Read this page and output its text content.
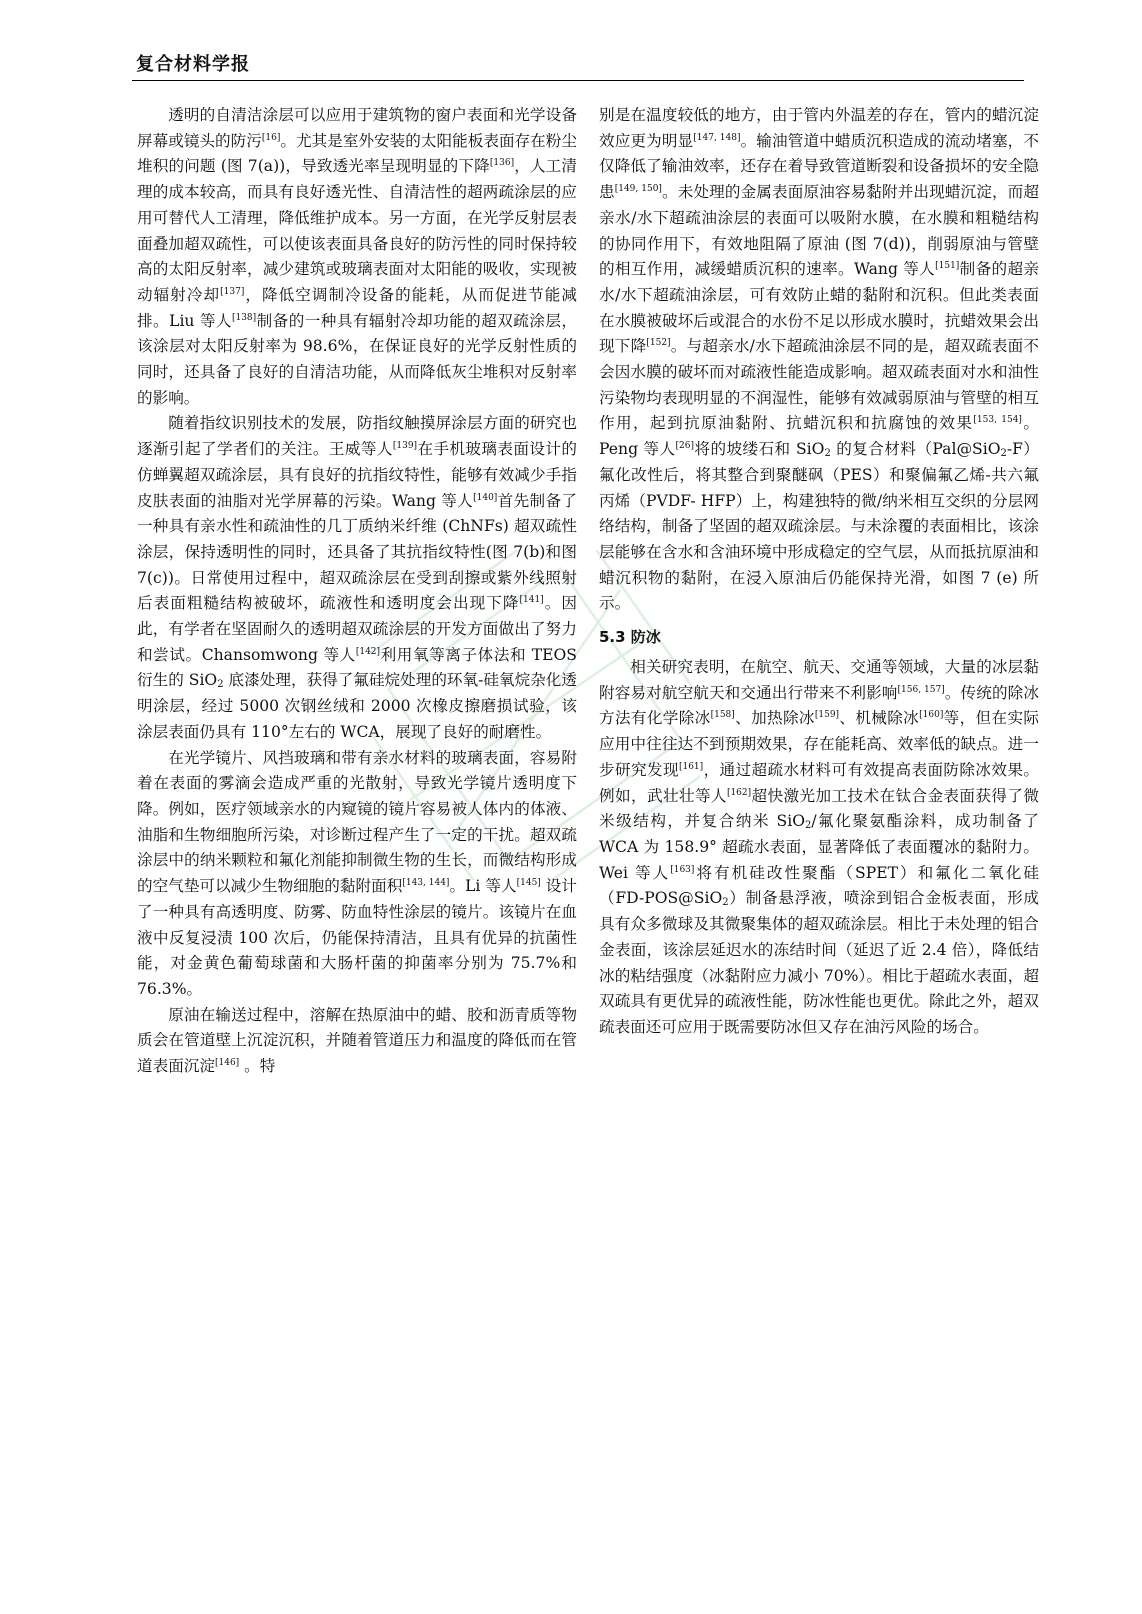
复合材料学报

透明的自清洁涂层可以应用于建筑物的窗户表面和光学设备屏幕或镜头的防污[16]。尤其是室外安装的太阳能板表面存在粉尘堆积的问题 (图 7(a))，导致透光率呈现明显的下降[136]，人工清理的成本较高，而具有良好透光性、自清洁性的超两疏涂层的应用可替代人工清理，降低维护成本。另一方面，在光学反射层表面叠加超双疏性，可以使该表面具备良好的防污性的同时保持较高的太阳反射率，减少建筑或玻璃表面对太阳能的吸收，实现被动辐射冷却[137]，降低空调制冷设备的能耗，从而促进节能减排。Liu 等人[138]制备的一种具有辐射冷却功能的超双疏涂层，该涂层对太阳反射率为 98.6%，在保证良好的光学反射性质的同时，还具备了良好的自清洁功能，从而降低灰尘堆积对反射率的影响。

随着指纹识别技术的发展，防指纹触摸屏涂层方面的研究也逐渐引起了学者们的关注。王威等人[139]在手机玻璃表面设计的仿蝉翼超双疏涂层，具有良好的抗指纹特性，能够有效减少手指皮肤表面的油脂对光学屏幕的污染。Wang 等人[140]首先制备了一种具有亲水性和疏油性的几丁质纳米纤维 (ChNFs) 超双疏性涂层，保持透明性的同时，还具备了其抗指纹特性(图 7(b)和图 7(c))。日常使用过程中，超双疏涂层在受到刮擦或紫外线照射后表面粗糙结构被破坏，疏液性和透明度会出现下降[141]。因此，有学者在坚固耐久的透明超双疏涂层的开发方面做出了努力和尝试。Chansomwong 等人[142]利用氧等离子体法和 TEOS 衍生的 SiO$_2$ 底漆处理，获得了氟硅烷处理的环氧-硅氧烷杂化透明涂层，经过 5000 次钢丝绒和 2000 次橡皮擦磨损试验，该涂层表面仍具有 110°左右的 WCA，展现了良好的耐磨性。

在光学镜片、风挡玻璃和带有亲水材料的玻璃表面，容易附着在表面的雾滴会造成严重的光散射，导致光学镜片透明度下降。例如，医疗领域亲水的内窥镜的镜片容易被人体内的体液、油脂和生物细胞所污染，对诊断过程产生了一定的干扰。超双疏涂层中的纳米颗粒和氟化剂能抑制微生物的生长，而微结构形成的空气垫可以减少生物细胞的黏附面积[143, 144]。Li 等人[145] 设计了一种具有高透明度、防雾、防血特性涂层的镜片。该镜片在血液中反复浸渍 100 次后，仍能保持清洁，且具有优异的抗菌性能，对金黄色葡萄球菌和大肠杆菌的抑菌率分别为 75.7%和 76.3%。

原油在输送过程中，溶解在热原油中的蜡、胶和沥青质等物质会在管道壁上沉淀沉积，并随着管道压力和温度的降低而在管道表面沉淀[146] 。特

别是在温度较低的地方，由于管内外温差的存在，管内的蜡沉淀效应更为明显[147, 148]。输油管道中蜡质沉积造成的流动堵塞，不仅降低了输油效率，还存在着导致管道断裂和设备损坏的安全隐患[149, 150]。未处理的金属表面原油容易黏附并出现蜡沉淀，而超亲水/水下超疏油涂层的表面可以吸附水膜，在水膜和粗糙结构的协同作用下，有效地阻隔了原油 (图 7(d))，削弱原油与管壁的相互作用，减缓蜡质沉积的速率。Wang 等人[151]制备的超亲水/水下超疏油涂层，可有效防止蜡的黏附和沉积。但此类表面在水膜被破坏后或混合的水份不足以形成水膜时，抗蜡效果会出现下降[152]。与超亲水/水下超疏油涂层不同的是，超双疏表面不会因水膜的破坏而对疏液性能造成影响。超双疏表面对水和油性污染物均表现明显的不润湿性，能够有效减弱原油与管壁的相互作用，起到抗原油黏附、抗蜡沉积和抗腐蚀的效果[153, 154]。Peng 等人[26]将的坡缕石和 SiO$_2$ 的复合材料（Pal@SiO$_2$-F）氟化改性后，将其整合到聚醚砜（PES）和聚偏氟乙烯-共六氟丙烯（PVDF- HFP）上，构建独特的微/纳米相互交织的分层网络结构，制备了坚固的超双疏涂层。与未涂覆的表面相比，该涂层能够在含水和含油环境中形成稳定的空气层，从而抵抗原油和蜡沉积物的黏附，在浸入原油后仍能保持光滑，如图 7 (e) 所示。

5.3 防冰

相关研究表明，在航空、航天、交通等领域，大量的冰层黏附容易对航空航天和交通出行带来不利影响[156, 157]。传统的除冰方法有化学除冰[158]、加热除冰[159]、机械除冰[160]等，但在实际应用中往往达不到预期效果，存在能耗高、效率低的缺点。进一步研究发现[161]，通过超疏水材料可有效提高表面防除冰效果。例如，武壮壮等人[162]超快激光加工技术在钛合金表面获得了微米级结构，并复合纳米 SiO$_2$/氟化聚氨酯涂料，成功制备了 WCA 为 158.9° 超疏水表面，显著降低了表面覆冰的黏附力。Wei 等人[163]将有机硅改性聚酯（SPET）和氟化二氧化硅（FD-POS@SiO$_2$）制备悬浮液，喷涂到铝合金板表面，形成具有众多微球及其微聚集体的超双疏涂层。相比于未处理的铝合金表面，该涂层延迟水的冻结时间（延迟了近 2.4 倍），降低结冰的粘结强度（冰黏附应力减小 70%）。相比于超疏水表面，超双疏具有更优异的疏液性能，防冰性能也更优。除此之外，超双疏表面还可应用于既需要防冰但又存在油污风险的场合。
